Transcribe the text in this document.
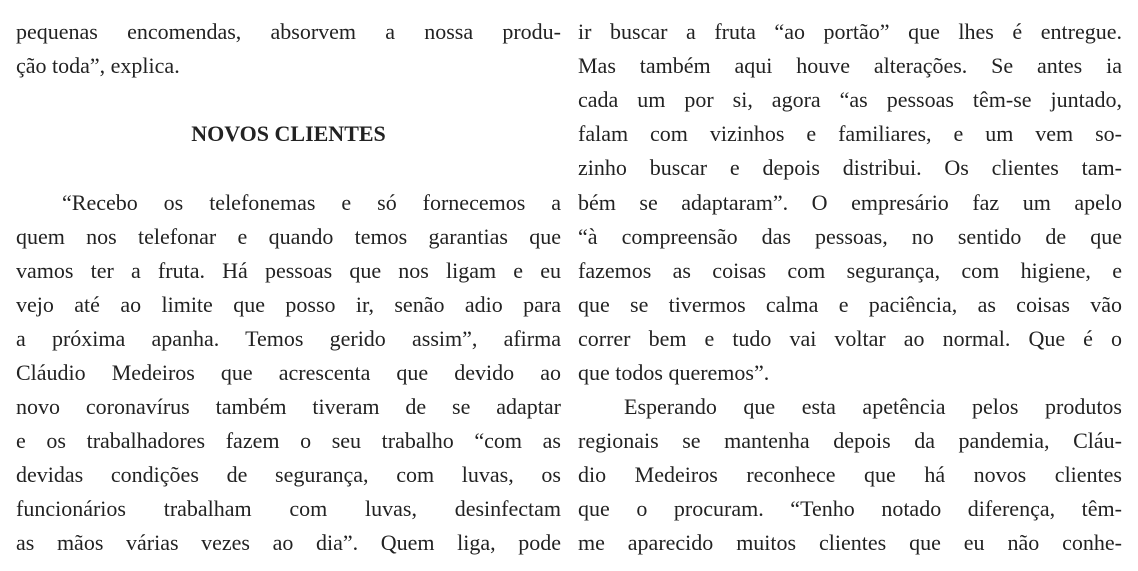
pequenas encomendas, absorvem a nossa produ-
ção toda”, explica.
NOVOS CLIENTES
“Recebo os telefonemas e só fornecemos a
quem nos telefonar e quando temos garantias que
vamos ter a fruta. Há pessoas que nos ligam e eu
vejo até ao limite que posso ir, senão adio para
a próxima apanha. Temos gerido assim”, afirma
Cláudio Medeiros que acrescenta que devido ao
novo coronavírus também tiveram de se adaptar
e os trabalhadores fazem o seu trabalho “com as
devidas condições de segurança, com luvas, os
funcionários trabalham com luvas, desinfectam
as mãos várias vezes ao dia”. Quem liga, pode
ir buscar a fruta “ao portão” que lhes é entregue.
Mas também aqui houve alterações. Se antes ia
cada um por si, agora “as pessoas têm-se juntado,
falam com vizinhos e familiares, e um vem so-
zinho buscar e depois distribui. Os clientes tam-
bém se adaptaram”. O empresário faz um apelo
“à compreensão das pessoas, no sentido de que
fazemos as coisas com segurança, com higiene, e
que se tivermos calma e paciência, as coisas vão
correr bem e tudo vai voltar ao normal. Que é o
que todos queremos”.
Esperando que esta apetência pelos produtos
regionais se mantenha depois da pandemia, Cláu-
dio Medeiros reconhece que há novos clientes
que o procuram. “Tenho notado diferença, têm-
me aparecido muitos clientes que eu não conhe-
